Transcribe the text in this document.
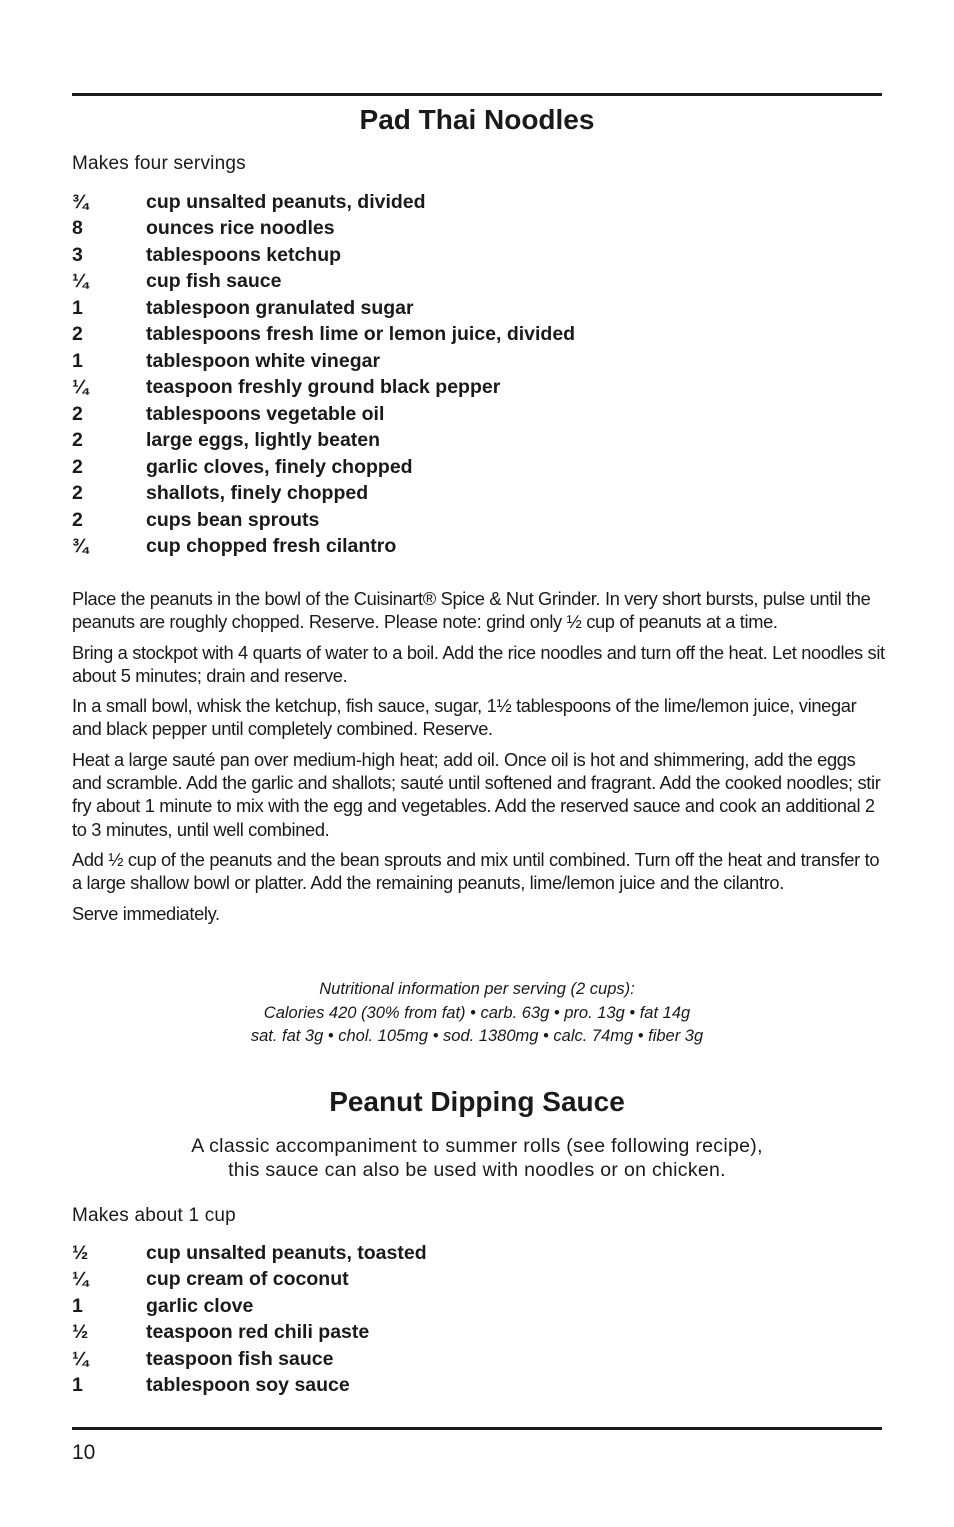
Pad Thai Noodles

Makes four servings

¾	cup unsalted peanuts, divided
8	ounces rice noodles
3	tablespoons ketchup
¼	cup fish sauce
1	tablespoon granulated sugar
2	tablespoons fresh lime or lemon juice, divided
1	tablespoon white vinegar
¼	teaspoon freshly ground black pepper
2	tablespoons vegetable oil
2	large eggs, lightly beaten
2	garlic cloves, finely chopped
2	shallots, finely chopped
2	cups bean sprouts
¾	cup chopped fresh cilantro

Place the peanuts in the bowl of the Cuisinart® Spice & Nut Grinder. In very short bursts, pulse until the peanuts are roughly chopped. Reserve. Please note: grind only ½ cup of peanuts at a time.

Bring a stockpot with 4 quarts of water to a boil. Add the rice noodles and turn off the heat. Let noodles sit about 5 minutes; drain and reserve.

In a small bowl, whisk the ketchup, fish sauce, sugar, 1½ tablespoons of the lime/lemon juice, vinegar and black pepper until completely combined. Reserve.

Heat a large sauté pan over medium-high heat; add oil. Once oil is hot and shimmering, add the eggs and scramble. Add the garlic and shallots; sauté until softened and fragrant. Add the cooked noodles; stir fry about 1 minute to mix with the egg and vegetables. Add the reserved sauce and cook an additional 2 to 3 minutes, until well combined.

Add ½ cup of the peanuts and the bean sprouts and mix until combined. Turn off the heat and transfer to a large shallow bowl or platter. Add the remaining peanuts, lime/lemon juice and the cilantro.

Serve immediately.

Nutritional information per serving (2 cups):
Calories 420 (30% from fat) • carb. 63g • pro. 13g • fat 14g
sat. fat 3g • chol. 105mg • sod. 1380mg • calc. 74mg • fiber 3g
Peanut Dipping Sauce
A classic accompaniment to summer rolls (see following recipe),
this sauce can also be used with noodles or on chicken.

Makes about 1 cup

½	cup unsalted peanuts, toasted
¼	cup cream of coconut
1	garlic clove
½	teaspoon red chili paste
¼	teaspoon fish sauce
1	tablespoon soy sauce
10
